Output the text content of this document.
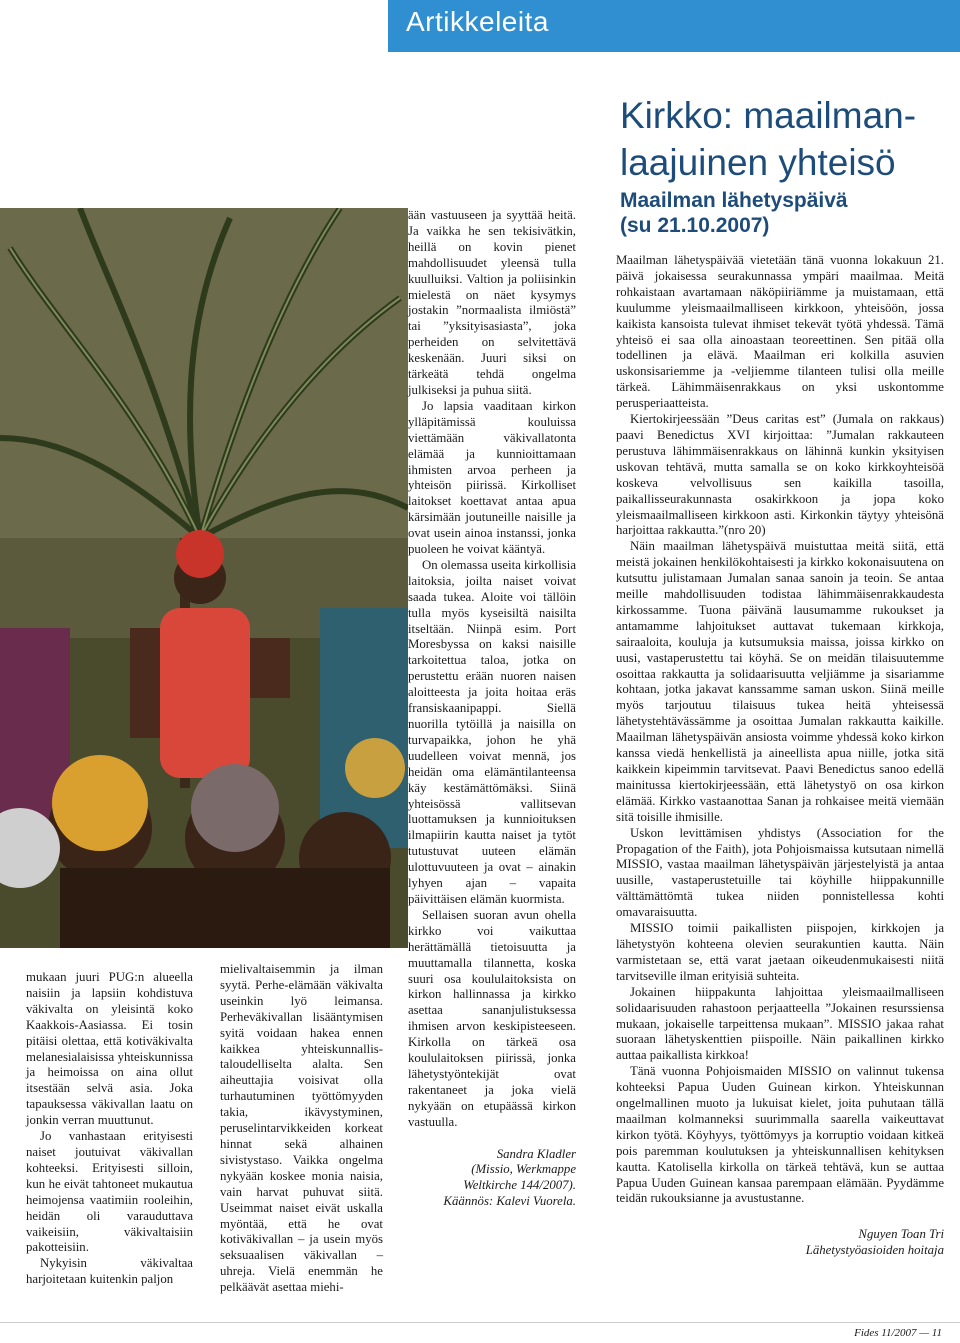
Artikkeleita

mukaan juuri PUG:n alueella naisiin ja lapsiin kohdistuva väkivalta on yleisintä koko Kaakkois-Aasiassa. Ei tosin pitäisi olettaa, että kotiväkivalta melanesialaisissa yhteiskunnissa ja heimoissa on aina ollut itsestään selvä asia. Joka tapauksessa väkivallan laatu on jonkin verran muuttunut.

Jo vanhastaan erityisesti naiset joutuivat väkivallan kohteeksi. Erityisesti silloin, kun he eivät tahtoneet mukautua heimojensa vaatimiin rooleihin, heidän oli varauduttava vaikeisiin, väkivaltaisiin pakotteisiin.

Nykyisin väkivaltaa harjoitetaan kuitenkin paljon

mielivaltaisemmin ja ilman syytä. Perhe-elämään väkivalta useinkin lyö leimansa. Perheväkivallan lisääntymisen syitä voidaan hakea ennen kaikkea yhteiskunnallis-taloudelliselta alalta. Sen aiheuttajia voisivat olla turhautuminen työttömyyden takia, ikävystyminen, peruselintarvikkeiden korkeat hinnat sekä alhainen sivistystaso. Vaikka ongelma nykyään koskee monia naisia, vain harvat puhuvat siitä. Useimmat naiset eivät uskalla myöntää, että he ovat kotiväkivallan – ja usein myös seksuaalisen väkivallan – uhreja. Vielä enemmän he pelkäävät asettaa miehi-

ään vastuuseen ja syyttää heitä. Ja vaikka he sen tekisivätkin, heillä on kovin pienet mahdollisuudet yleensä tulla kuulluiksi. Valtion ja poliisinkin mielestä on näet kysymys jostakin ”normaalista ilmiöstä” tai ”yksityisasiasta”, joka perheiden on selvitettävä keskenään. Juuri siksi on tärkeätä tehdä ongelma julkiseksi ja puhua siitä.

Jo lapsia vaaditaan kirkon ylläpitämissä kouluissa viettämään väkivallatonta elämää ja kunnioittamaan ihmisten arvoa perheen ja yhteisön piirissä. Kirkolliset laitokset koettavat antaa apua kärsimään joutuneille naisille ja ovat usein ainoa instanssi, jonka puoleen he voivat kääntyä.

On olemassa useita kirkollisia laitoksia, joilta naiset voivat saada tukea. Aloite voi tällöin tulla myös kyseisiltä naisilta itseltään. Niinpä esim. Port Moresbyssa on kaksi naisille tarkoitettua taloa, jotka on perustettu erään nuoren naisen aloitteesta ja joita hoitaa eräs fransiskaanipappi. Siellä nuorilla tytöillä ja naisilla on turvapaikka, johon he yhä uudelleen voivat mennä, jos heidän oma elämäntilanteensa käy kestämättömäksi. Siinä yhteisössä vallitsevan luottamuksen ja kunnioituksen ilmapiirin kautta naiset ja tytöt tutustuvat uuteen elämän ulottuvuuteen ja ovat – ainakin lyhyen ajan – vapaita päivittäisen elämän kuormista.

Sellaisen suoran avun ohella kirkko voi vaikuttaa herättämällä tietoisuutta ja muuttamalla tilannetta, koska suuri osa koululaitoksista on kirkon hallinnassa ja kirkko asettaa sananjulistuksessa ihmisen arvon keskipisteeseen. Kirkolla on tärkeä osa koululaitoksen piirissä, jonka lähetystyöntekijät ovat rakentaneet ja joka vielä nykyään on etupäässä kirkon vastuulla.

Sandra Kladler

(Missio, Werkmappe

Weltkirche 144/2007).

Käännös: Kalevi Vuorela.

Kirkko: maailman-
laajuinen yhteisö
Maailman lähetyspäivä
(su 21.10.2007)

Maailman lähetyspäivää vietetään tänä vuonna lokakuun 21. päivä jokaisessa seurakunnassa ympäri maailmaa. Meitä rohkaistaan avartamaan näköpiiriämme ja muistamaan, että kuulumme yleismaailmalliseen kirkkoon, yhteisöön, jossa kaikista kansoista tulevat ihmiset tekevät työtä yhdessä. Tämä yhteisö ei saa olla ainoastaan teoreettinen. Sen pitää olla todellinen ja elävä. Maailman eri kolkilla asuvien uskonsisariemme ja -veljiemme tilanteen tulisi olla meille tärkeä. Lähimmäisenrakkaus on yksi uskontomme perusperiaatteista.

Kiertokirjeessään ”Deus caritas est” (Jumala on rakkaus) paavi Benedictus XVI kirjoittaa: ”Jumalan rakkauteen perustuva lähimmäisenrakkaus on lähinnä kunkin yksityisen uskovan tehtävä, mutta samalla se on koko kirkkoyhteisöä koskeva velvollisuus sen kaikilla tasoilla, paikallisseurakunnasta osakirkkoon ja jopa koko yleismaailmalliseen kirkkoon asti. Kirkonkin täytyy yhteisönä harjoittaa rakkautta.”(nro 20)

Näin maailman lähetyspäivä muistuttaa meitä siitä, että meistä jokainen henkilökohtaisesti ja kirkko kokonaisuutena on kutsuttu julistamaan Jumalan sanaa sanoin ja teoin. Se antaa meille mahdollisuuden todistaa lähimmäisenrakkaudesta kirkossamme. Tuona päivänä lausumamme rukoukset ja antamamme lahjoitukset auttavat tukemaan kirkkoja, sairaaloita, kouluja ja kutsumuksia maissa, joissa kirkko on uusi, vastaperustettu tai köyhä. Se on meidän tilaisuutemme osoittaa rakkautta ja solidaarisuutta veljiämme ja sisariamme kohtaan, jotka jakavat kanssamme saman uskon. Siinä meille myös tarjoutuu tilaisuus tukea heitä yhteisessä lähetystehtävässämme ja osoittaa Jumalan rakkautta kaikille. Maailman lähetyspäivän ansiosta voimme yhdessä koko kirkon kanssa viedä henkellistä ja aineellista apua niille, jotka sitä kaikkein kipeimmin tarvitsevat. Paavi Benedictus sanoo edellä mainitussa kiertokirjeessään, että lähetystyö on osa kirkon elämää. Kirkko vastaanottaa Sanan ja rohkaisee meitä viemään sitä toisille ihmisille.

Uskon levittämisen yhdistys (Association for the Propagation of the Faith), jota Pohjoismaissa kutsutaan nimellä MISSIO, vastaa maailman lähetyspäivän järjestelyistä ja antaa uusille, vastaperustetuille tai köyhille hiippakunnille välttämättömtä tukea niiden ponnistellessa kohti omavaraisuutta.

MISSIO toimii paikallisten piispojen, kirkkojen ja lähetystyön kohteena olevien seurakuntien kautta. Näin varmistetaan se, että varat jaetaan oikeudenmukaisesti niitä tarvitseville ilman erityisiä suhteita.

Jokainen hiippakunta lahjoittaa yleismaailmalliseen solidaarisuuden rahastoon perjaatteella ”Jokainen resurssiensa mukaan, jokaiselle tarpeittensa mukaan”. MISSIO jakaa rahat suoraan lähetyskenttien piispoille. Näin paikallinen kirkko auttaa paikallista kirkkoa!

Tänä vuonna Pohjoismaiden MISSIO on valinnut tukensa kohteeksi Papua Uuden Guinean kirkon. Yhteiskunnan ongelmallinen muoto ja lukuisat kielet, joita puhutaan tällä maailman kolmanneksi suurimmalla saarella vaikeuttavat kirkon työtä. Köyhyys, työttömyys ja korruptio voidaan kitkeä pois paremman koulutuksen ja yhteiskunnallisen kehityksen kautta. Katolisella kirkolla on tärkeä tehtävä, kun se auttaa Papua Uuden Guinean kansaa parempaan elämään. Pyydämme teidän rukouksianne ja avustustanne.

Nguyen Toan Tri

Lähetystyöasioiden hoitaja

Fides 11/2007 — 11
